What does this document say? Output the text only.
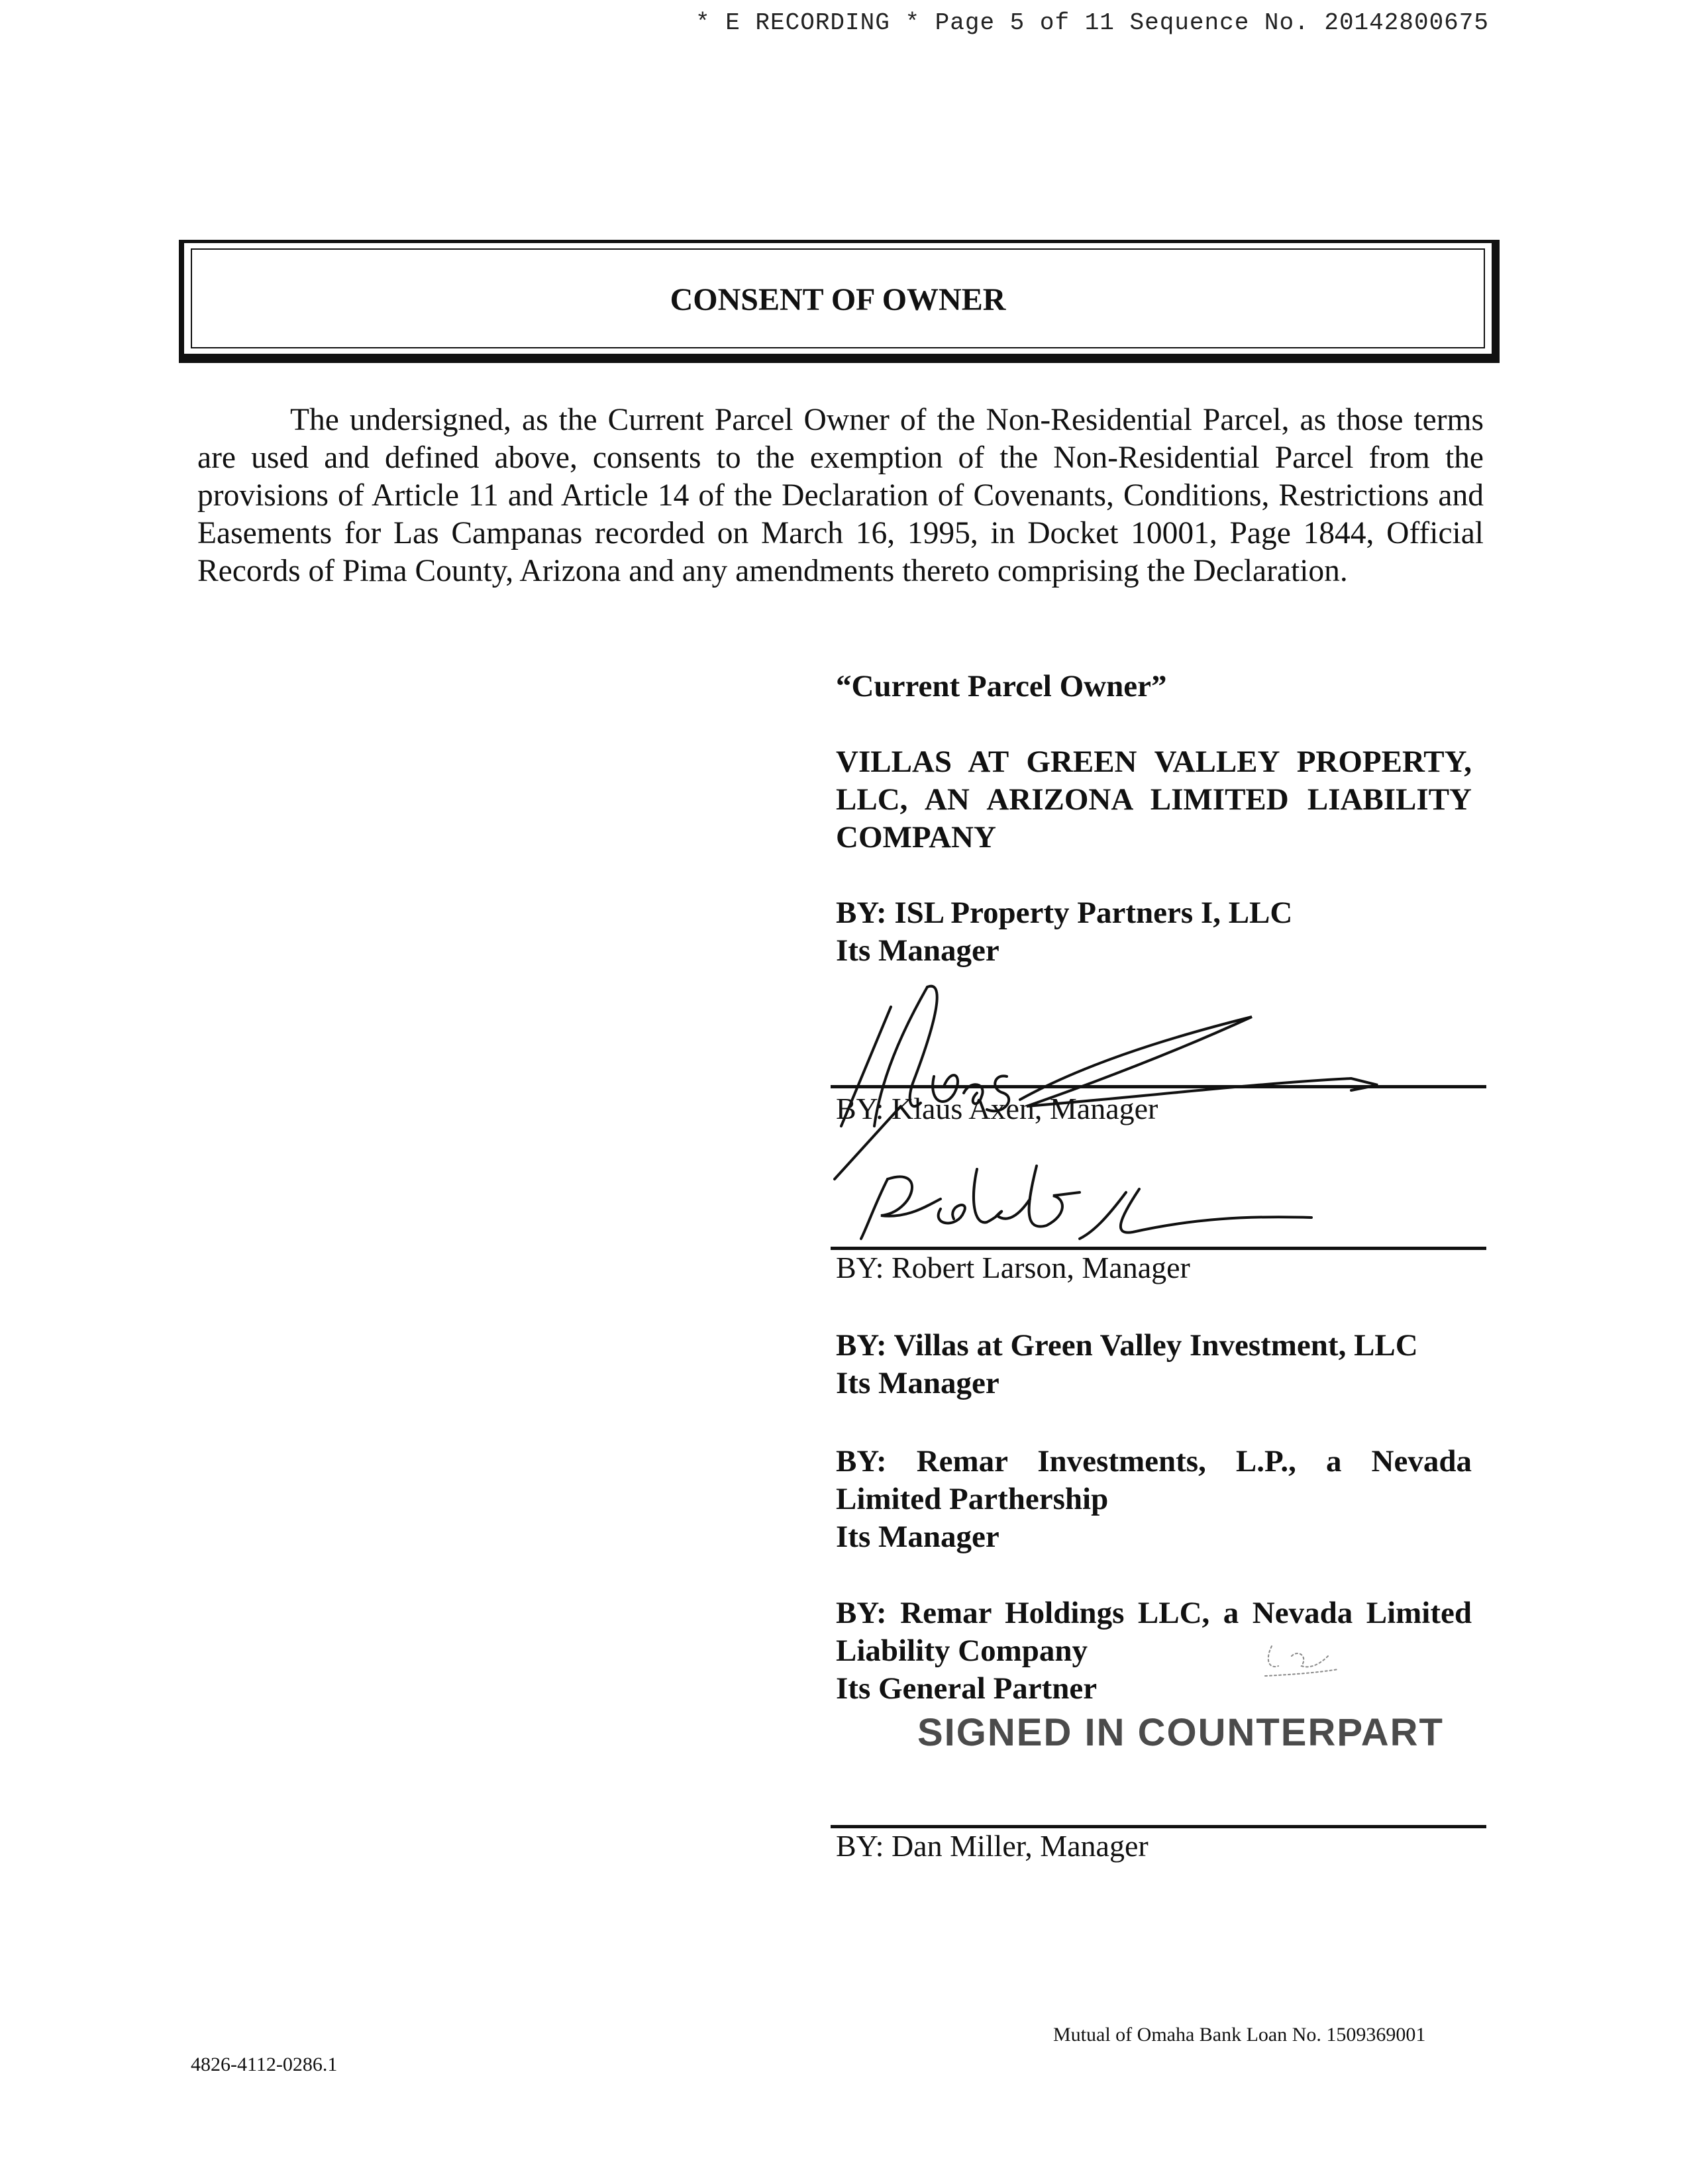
* E RECORDING * Page 5 of 11 Sequence No. 20142800675
CONSENT OF OWNER
The undersigned, as the Current Parcel Owner of the Non-Residential Parcel, as those terms are used and defined above, consents to the exemption of the Non-Residential Parcel from the provisions of Article 11 and Article 14 of the Declaration of Covenants, Conditions, Restrictions and Easements for Las Campanas recorded on March 16, 1995, in Docket 10001, Page 1844, Official Records of Pima County, Arizona and any amendments thereto comprising the Declaration.
“Current Parcel Owner”
VILLAS AT GREEN VALLEY PROPERTY, LLC, AN ARIZONA LIMITED LIABILITY COMPANY
BY: ISL Property Partners I, LLC
Its Manager
BY: Klaus Axen, Manager
BY: Robert Larson, Manager
BY: Villas at Green Valley Investment, LLC
Its Manager
BY: Remar Investments, L.P., a Nevada Limited Parthership
Its Manager
BY: Remar Holdings LLC, a Nevada Limited Liability Company
Its General Partner
SIGNED IN COUNTERPART
BY: Dan Miller, Manager
4826-4112-0286.1
Mutual of Omaha Bank Loan No. 1509369001
